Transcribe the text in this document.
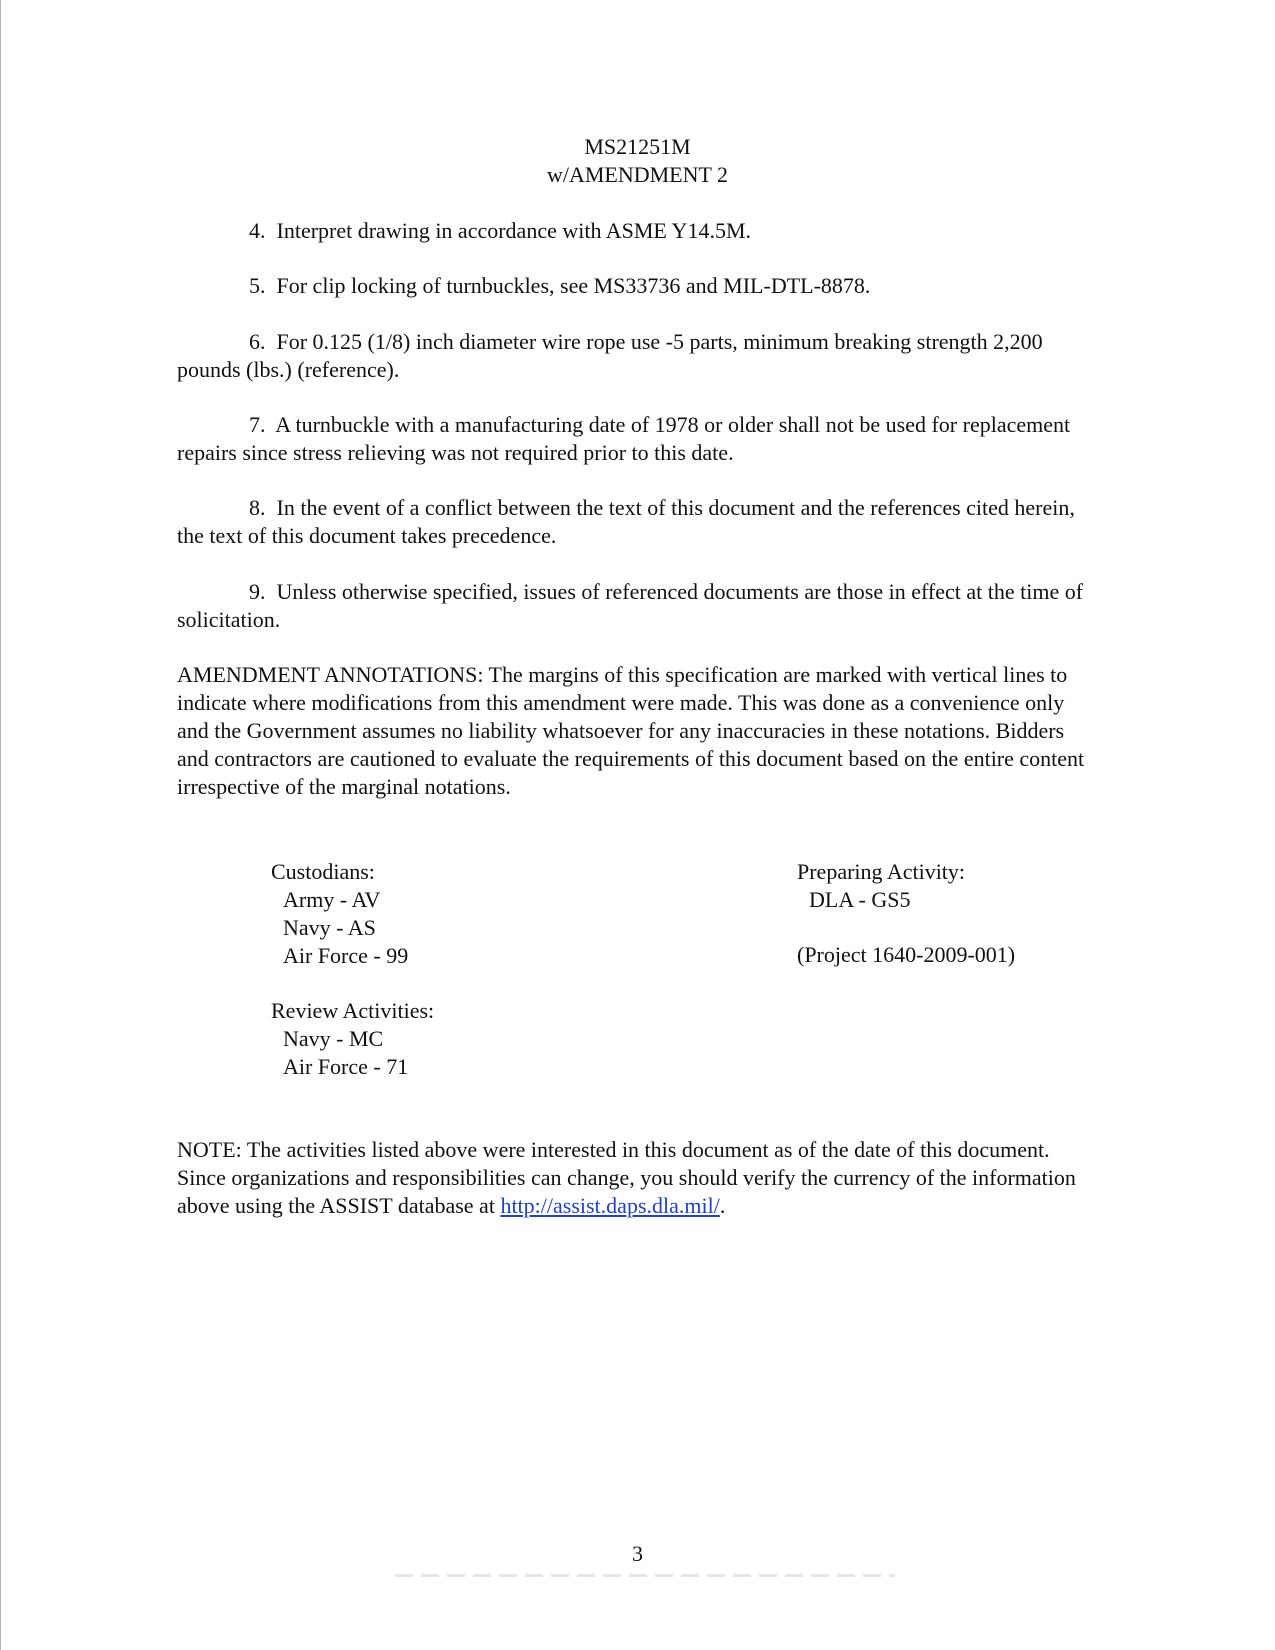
MS21251M
w/AMENDMENT 2

4. Interpret drawing in accordance with ASME Y14.5M.

5. For clip locking of turnbuckles, see MS33736 and MIL-DTL-8878.

6. For 0.125 (1/8) inch diameter wire rope use -5 parts, minimum breaking strength 2,200 pounds (lbs.) (reference).

7. A turnbuckle with a manufacturing date of 1978 or older shall not be used for replacement repairs since stress relieving was not required prior to this date.

8. In the event of a conflict between the text of this document and the references cited herein, the text of this document takes precedence.

9. Unless otherwise specified, issues of referenced documents are those in effect at the time of solicitation.

AMENDMENT ANNOTATIONS: The margins of this specification are marked with vertical lines to indicate where modifications from this amendment were made. This was done as a convenience only and the Government assumes no liability whatsoever for any inaccuracies in these notations. Bidders and contractors are cautioned to evaluate the requirements of this document based on the entire content irrespective of the marginal notations.

Custodians:
Army - AV
Navy - AS
Air Force - 99
Review Activities:
Navy - MC
Air Force - 71
Preparing Activity:
DLA - GS5
(Project 1640-2009-001)

NOTE: The activities listed above were interested in this document as of the date of this document. Since organizations and responsibilities can change, you should verify the currency of the information above using the ASSIST database at http://assist.daps.dla.mil/.

3
